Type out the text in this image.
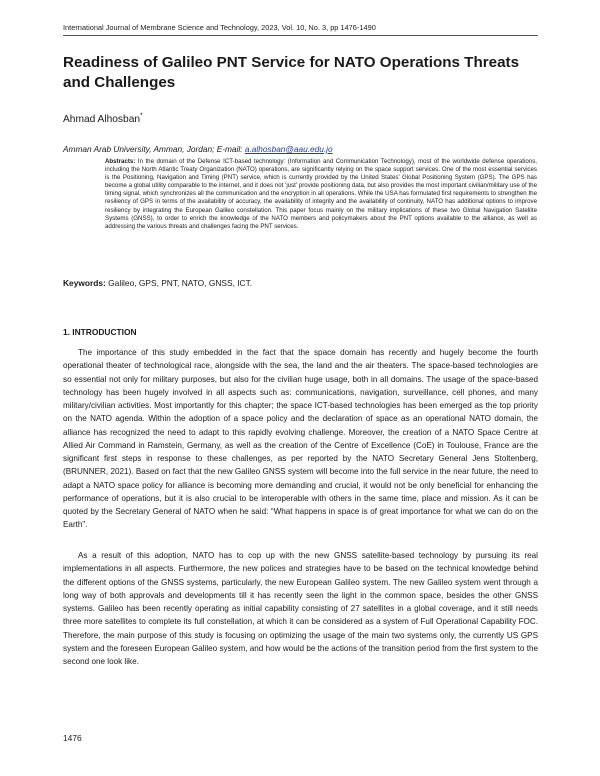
International Journal of Membrane Science and Technology, 2023, Vol. 10, No. 3, pp 1476-1490
Readiness of Galileo PNT Service for NATO Operations Threats and Challenges
Ahmad Alhosban*
Amman Arab University, Amman, Jordan; E-mail: a.alhosban@aau.edu.jo

Abstracts: In the domain of the Defense ICT-based technology: (Information and Communication Technology), most of the worldwide defense operations, including the North Atlantic Treaty Organization (NATO) operations, are significantly relying on the space support services. One of the most essential services is the Positioning, Navigation and Timing (PNT) service, which is currently provided by the United States' Global Positioning System (GPS). The GPS has become a global utility comparable to the internet, and it does not 'just' provide positioning data, but also provides the most important civilian/military use of the timing signal, which synchronizes all the communication and the encryption in all operations. While the USA has formulated first requirements to strengthen the resiliency of GPS in terms of the availability of accuracy, the availability of integrity and the availability of continuity, NATO has additional options to improve resiliency by integrating the European Galileo constellation. This paper focus mainly on the military implications of these two Global Navigation Satellite Systems (GNSS), to order to enrich the knowledge of the NATO members and policymakers about the PNT options available to the alliance, as well as addressing the various threats and challenges facing the PNT services.

Keywords: Galileo, GPS, PNT, NATO, GNSS, ICT.
1. INTRODUCTION

The importance of this study embedded in the fact that the space domain has recently and hugely become the fourth operational theater of technological race, alongside with the sea, the land and the air theaters. The space-based technologies are so essential not only for military purposes, but also for the civilian huge usage, both in all domains. The usage of the space-based technology has been hugely involved in all aspects such as: communications, navigation, surveillance, cell phones, and many military/civilian activities. Most importantly for this chapter; the space ICT-based technologies has been emerged as the top priority on the NATO agenda. Within the adoption of a space policy and the declaration of space as an operational NATO domain, the alliance has recognized the need to adapt to this rapidly evolving challenge. Moreover, the creation of a NATO Space Centre at Allied Air Command in Ramstein, Germany, as well as the creation of the Centre of Excellence (CoE) in Toulouse, France are the significant first steps in response to these challenges, as per reported by the NATO Secretary General Jens Stoltenberg, (BRUNNER, 2021). Based on fact that the new Galileo GNSS system will become into the full service in the near future, the need to adapt a NATO space policy for alliance is becoming more demanding and crucial, it would not be only beneficial for enhancing the performance of operations, but it is also crucial to be interoperable with others in the same time, place and mission. As it can be quoted by the Secretary General of NATO when he said: “What happens in space is of great importance for what we can do on the Earth”.

As a result of this adoption, NATO has to cop up with the new GNSS satellite-based technology by pursuing its real implementations in all aspects. Furthermore, the new polices and strategies have to be based on the technical knowledge behind the different options of the GNSS systems, particularly, the new European Galileo system. The new Galileo system went through a long way of both approvals and developments till it has recently seen the light in the common space, besides the other GNSS systems. Galileo has been recently operating as initial capability consisting of 27 satellites in a global coverage, and it still needs three more satellites to complete its full constellation, at which it can be considered as a system of Full Operational Capability FOC. Therefore, the main purpose of this study is focusing on optimizing the usage of the main two systems only, the currently US GPS system and the foreseen European Galileo system, and how would be the actions of the transition period from the first system to the second one look like.

1476
